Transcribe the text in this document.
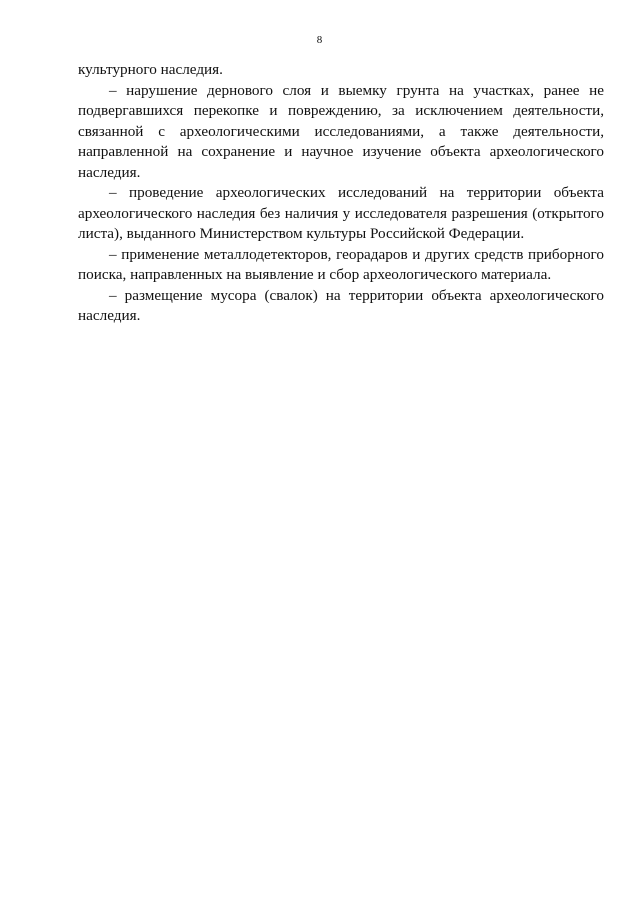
8

культурного наследия.

– нарушение дернового слоя и выемку грунта на участках, ранее не подвергавшихся перекопке и повреждению, за исключением деятельности, связанной с археологическими исследованиями, а также деятельности, направленной на сохранение и научное изучение объекта археологического наследия.

– проведение археологических исследований на территории объекта археологического наследия без наличия у исследователя разрешения (открытого листа), выданного Министерством культуры Российской Федерации.

– применение металлодетекторов, георадаров и других средств приборного поиска, направленных на выявление и сбор археологического материала.

– размещение мусора (свалок) на территории объекта археологического наследия.
